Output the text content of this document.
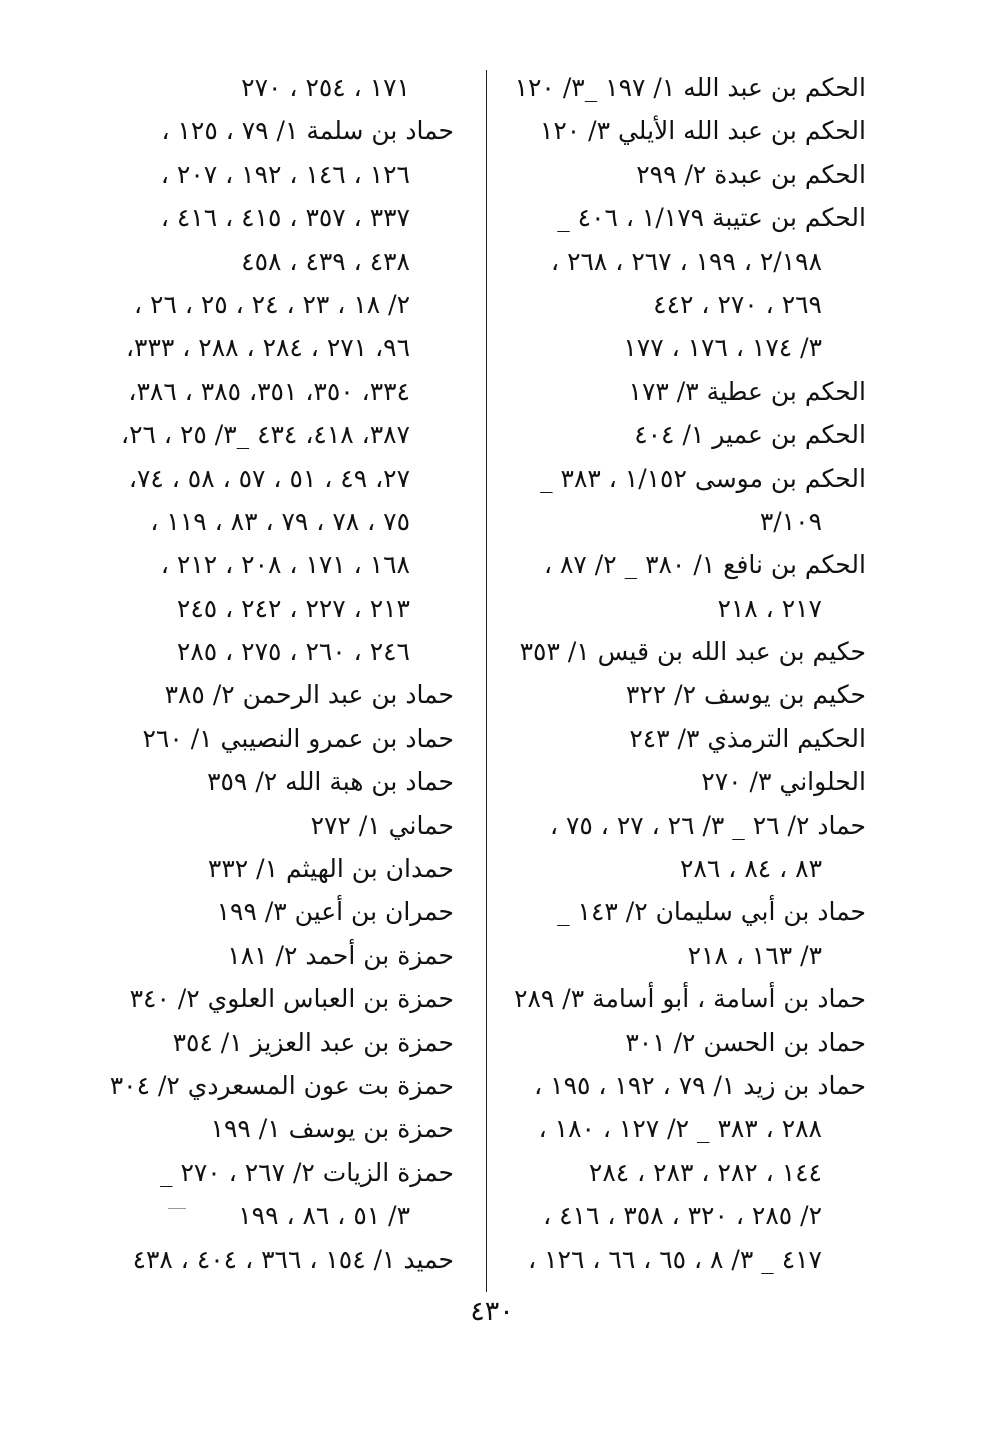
الحكم بن عبد الله ١/ ١٩٧ _٣/ ١٢٠
الحكم بن عبد الله الأيلي ٣/ ١٢٠
الحكم بن عبدة ٢/ ٢٩٩
الحكم بن عتيبة ١/١٧٩ ، ٤٠٦ _
٢/١٩٨ ، ١٩٩ ، ٢٦٧ ، ٢٦٨ ،
٢٦٩ ، ٢٧٠ ، ٤٤٢
٣/ ١٧٤ ، ١٧٦ ، ١٧٧
الحكم بن عطية ٣/ ١٧٣
الحكم بن عمير ١/ ٤٠٤
الحكم بن موسى ١/١٥٢ ، ٣٨٣ _
٣/١٠٩
الحكم بن نافع ١/ ٣٨٠ _ ٢/ ٨٧ ،
٢١٧ ، ٢١٨
حكيم بن عبد الله بن قيس ١/ ٣٥٣
حكيم بن يوسف ٢/ ٣٢٢
الحكيم الترمذي ٣/ ٢٤٣
الحلواني ٣/ ٢٧٠
حماد ٢/ ٢٦ _ ٣/ ٢٦ ، ٢٧ ، ٧٥ ،
٨٣ ، ٨٤ ، ٢٨٦
حماد بن أبي سليمان ٢/ ١٤٣ _
٣/ ١٦٣ ، ٢١٨
حماد بن أسامة ، أبو أسامة ٣/ ٢٨٩
حماد بن الحسن ٢/ ٣٠١
حماد بن زيد ١/ ٧٩ ، ١٩٢ ، ١٩٥ ،
٢٨٨ ، ٣٨٣ _ ٢/ ١٢٧ ، ١٨٠ ،
١٤٤ ، ٢٨٢ ، ٢٨٣ ، ٢٨٤
٢/ ٢٨٥ ، ٣٢٠ ، ٣٥٨ ، ٤١٦ ،
٤١٧ _ ٣/ ٨ ، ٦٥ ، ٦٦ ، ١٢٦ ،
١٧١ ، ٢٥٤ ، ٢٧٠
حماد بن سلمة ١/ ٧٩ ، ١٢٥ ،
١٢٦ ، ١٤٦ ، ١٩٢ ، ٢٠٧ ،
٣٣٧ ، ٣٥٧ ، ٤١٥ ، ٤١٦ ،
٤٣٨ ، ٤٣٩ ، ٤٥٨
٢/ ١٨ ، ٢٣ ، ٢٤ ، ٢٥ ، ٢٦ ،
٩٦، ٢٧١ ، ٢٨٤ ، ٢٨٨ ، ٣٣٣،
٣٣٤، ٣٥٠، ٣٥١، ٣٨٥ ، ٣٨٦،
٣٨٧، ٤١٨، ٤٣٤ _٣/ ٢٥ ، ٢٦،
٢٧، ٤٩ ، ٥١ ، ٥٧ ، ٥٨ ، ٧٤،
٧٥ ، ٧٨ ، ٧٩ ، ٨٣ ، ١١٩ ،
١٦٨ ، ١٧١ ، ٢٠٨ ، ٢١٢ ،
٢١٣ ، ٢٢٧ ، ٢٤٢ ، ٢٤٥
٢٤٦ ، ٢٦٠ ، ٢٧٥ ، ٢٨٥
حماد بن عبد الرحمن ٢/ ٣٨٥
حماد بن عمرو النصيبي ١/ ٢٦٠
حماد بن هبة الله ٢/ ٣٥٩
حماني ١/ ٢٧٢
حمدان بن الهيثم ١/ ٣٣٢
حمران بن أعين ٣/ ١٩٩
حمزة بن أحمد ٢/ ١٨١
حمزة بن العباس العلوي ٢/ ٣٤٠
حمزة بن عبد العزيز ١/ ٣٥٤
حمزة بت عون المسعردي ٢/ ٣٠٤
حمزة بن يوسف ١/ ١٩٩
حمزة الزيات ٢/ ٢٦٧ ، ٢٧٠ _
٣/ ٥١ ، ٨٦ ، ١٩٩
حميد ١/ ١٥٤ ، ٣٦٦ ، ٤٠٤ ، ٤٣٨
٤٣٠
